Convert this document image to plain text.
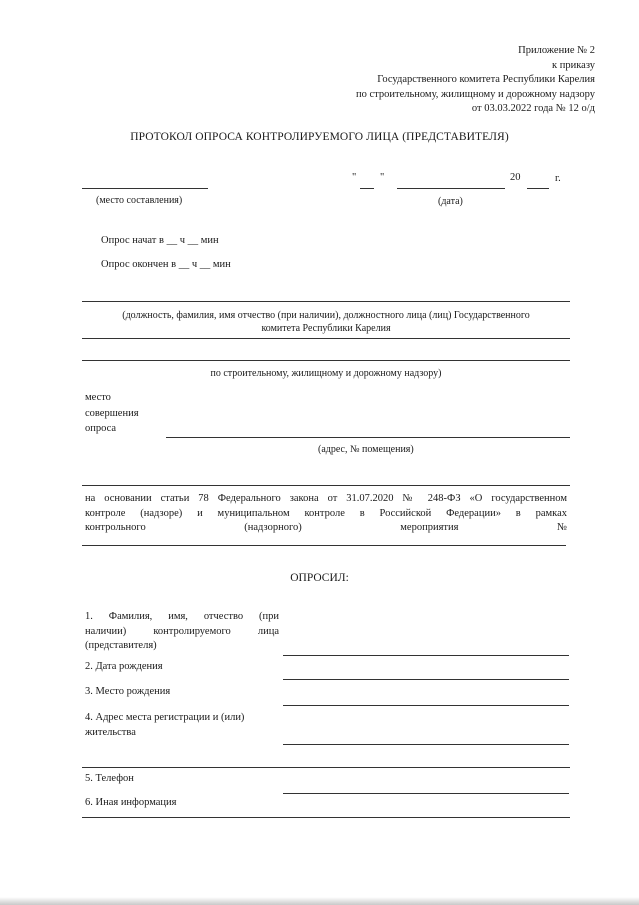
Приложение № 2
к приказу
Государственного комитета Республики Карелия
по строительному, жилищному и дорожному надзору
от 03.03.2022 года № 12 о/д
ПРОТОКОЛ ОПРОСА КОНТРОЛИРУЕМОГО ЛИЦА (ПРЕДСТАВИТЕЛЯ)
" "	20	г.
(место составления)	(дата)
Опрос начат в __ ч __ мин
Опрос окончен в __ ч __ мин
(должность, фамилия, имя отчество (при наличии), должностного лица (лиц) Государственного
комитета Республики Карелия
по строительному, жилищному и дорожному надзору)
место
совершения
опроса
(адрес, № помещения)
на основании статьи 78 Федерального закона от 31.07.2020 № 248-ФЗ «О государственном
контроле (надзоре) и муниципальном контроле в Российской Федерации» в рамках
контрольного (надзорного) мероприятия №
ОПРОСИЛ:
1. Фамилия, имя, отчество (при
наличии) контролируемого лица
(представителя)
2. Дата рождения
3. Место рождения
4. Адрес места регистрации и (или)
жительства
5. Телефон
6. Иная информация
